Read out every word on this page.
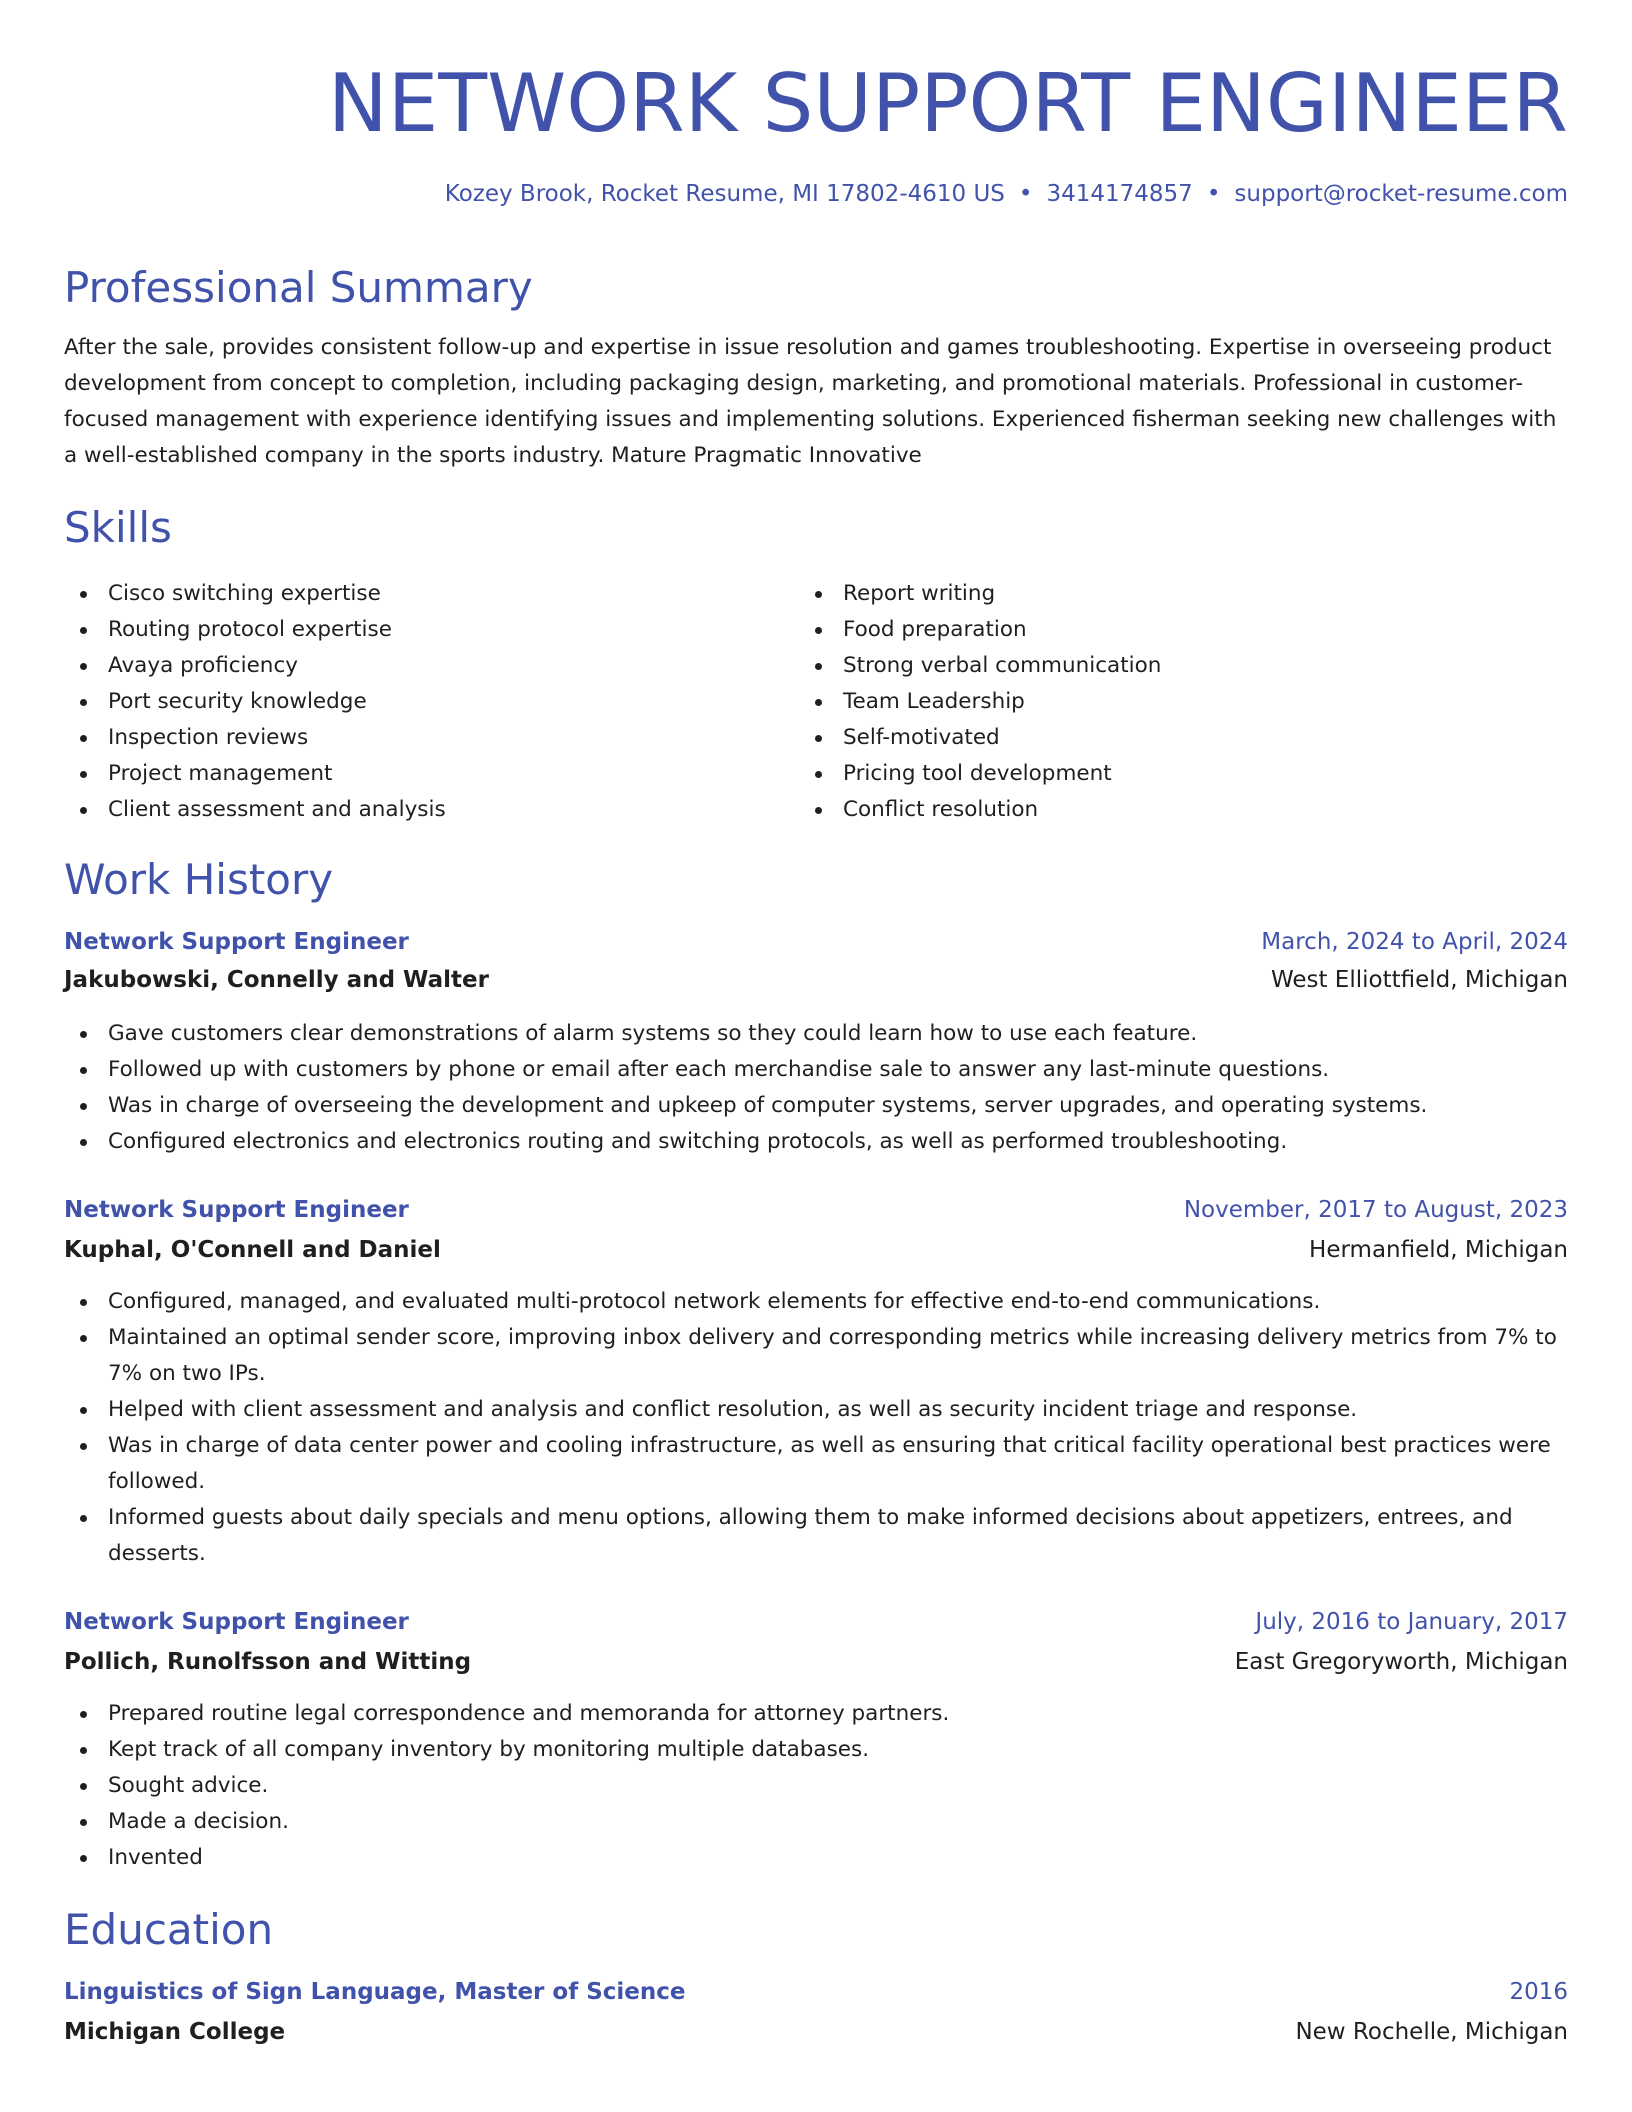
NETWORK SUPPORT ENGINEER
Kozey Brook, Rocket Resume, MI 17802-4610 US • 3414174857 • support@rocket-resume.com
Professional Summary

After the sale, provides consistent follow-up and expertise in issue resolution and games troubleshooting. Expertise in overseeing product development from concept to completion, including packaging design, marketing, and promotional materials. Professional in customer-focused management with experience identifying issues and implementing solutions. Experienced fisherman seeking new challenges with a well-established company in the sports industry. Mature Pragmatic Innovative

Skills
Cisco switching expertise
Routing protocol expertise
Avaya proficiency
Port security knowledge
Inspection reviews
Project management
Client assessment and analysis
Report writing
Food preparation
Strong verbal communication
Team Leadership
Self-motivated
Pricing tool development
Conflict resolution
Work History
Network Support Engineer	March, 2024 to April, 2024
Jakubowski, Connelly and Walter	West Elliottfield, Michigan
Gave customers clear demonstrations of alarm systems so they could learn how to use each feature.
Followed up with customers by phone or email after each merchandise sale to answer any last-minute questions.
Was in charge of overseeing the development and upkeep of computer systems, server upgrades, and operating systems.
Configured electronics and electronics routing and switching protocols, as well as performed troubleshooting.
Network Support Engineer	November, 2017 to August, 2023
Kuphal, O'Connell and Daniel	Hermanfield, Michigan
Configured, managed, and evaluated multi-protocol network elements for effective end-to-end communications.
Maintained an optimal sender score, improving inbox delivery and corresponding metrics while increasing delivery metrics from 7% to 7% on two IPs.
Helped with client assessment and analysis and conflict resolution, as well as security incident triage and response.
Was in charge of data center power and cooling infrastructure, as well as ensuring that critical facility operational best practices were followed.
Informed guests about daily specials and menu options, allowing them to make informed decisions about appetizers, entrees, and desserts.
Network Support Engineer	July, 2016 to January, 2017
Pollich, Runolfsson and Witting	East Gregoryworth, Michigan
Prepared routine legal correspondence and memoranda for attorney partners.
Kept track of all company inventory by monitoring multiple databases.
Sought advice.
Made a decision.
Invented
Education
Linguistics of Sign Language, Master of Science	2016
Michigan College	New Rochelle, Michigan
